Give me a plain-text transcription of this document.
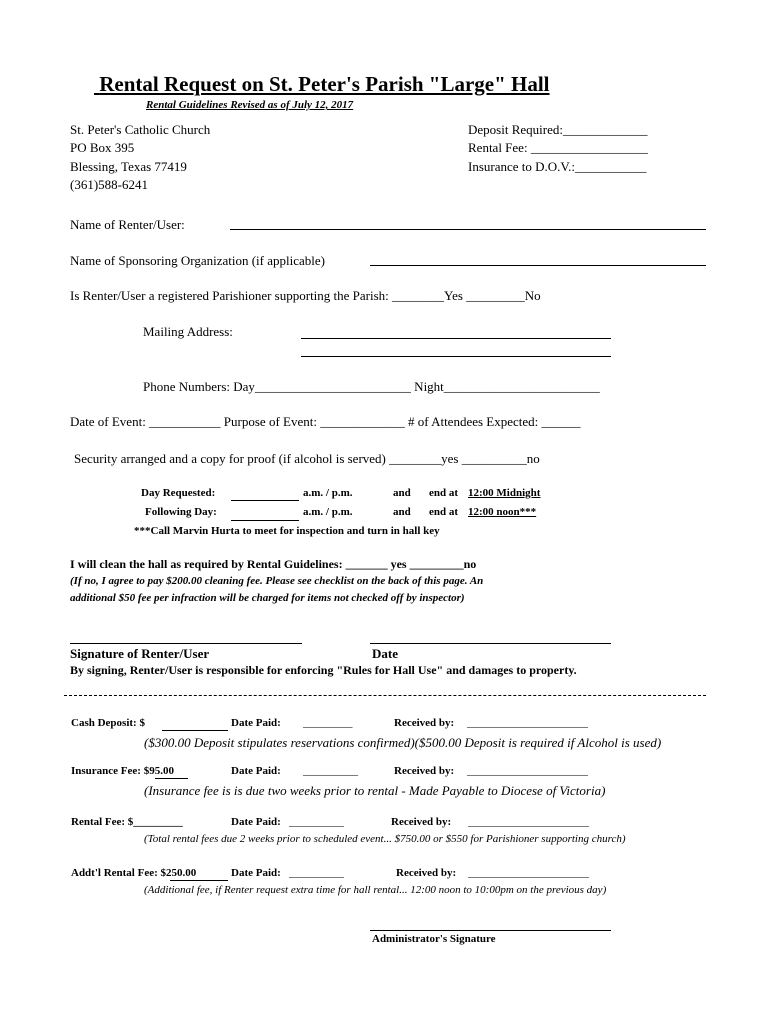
Rental Request on St. Peter's Parish "Large" Hall
Rental Guidelines Revised as of July 12, 2017
St. Peter's Catholic Church
PO Box 395
Blessing, Texas 77419
(361)588-6241
Deposit Required:_____________
Rental Fee: __________________
Insurance to D.O.V.:___________
Name of Renter/User:
Name of Sponsoring Organization (if applicable)
Is Renter/User a registered Parishioner supporting the Parish: ________Yes _________No
Mailing Address:
Phone Numbers: Day________________________ Night________________________
Date of Event: ___________ Purpose of Event: _____________ # of Attendees Expected: ______
Security arranged and a copy for proof (if alcohol is served) ________yes __________no
Day Requested:	a.m. / p.m.	and end at 12:00 Midnight
Following Day:	a.m. / p.m.	and end at 12:00 noon***
***Call Marvin Hurta to meet for inspection and turn in hall key
I will clean the hall as required by Rental Guidelines: _______ yes _________no
(If no, I agree to pay $200.00 cleaning fee. Please see checklist on the back of this page. An
additional $50 fee per infraction will be charged for items not checked off by inspector)
Signature of Renter/User	Date
By signing, Renter/User is responsible for enforcing "Rules for Hall Use" and damages to property.
Cash Deposit: $	Date Paid: _________	Received by: ______________________
($300.00 Deposit stipulates reservations confirmed)($500.00 Deposit is required if Alcohol is used)
Insurance Fee: $95.00	Date Paid: __________	Received by: ______________________
(Insurance fee is is due two weeks prior to rental - Made Payable to Diocese of Victoria)
Rental Fee: $_________	Date Paid: __________	Received by: ______________________
(Total rental fees due 2 weeks prior to scheduled event... $750.00 or $550 for Parishioner supporting church)
Addt'l Rental Fee: $250.00	Date Paid: __________	Received by: ______________________
(Additional fee, if Renter request extra time for hall rental... 12:00 noon to 10:00pm on the previous day)
Administrator's Signature
